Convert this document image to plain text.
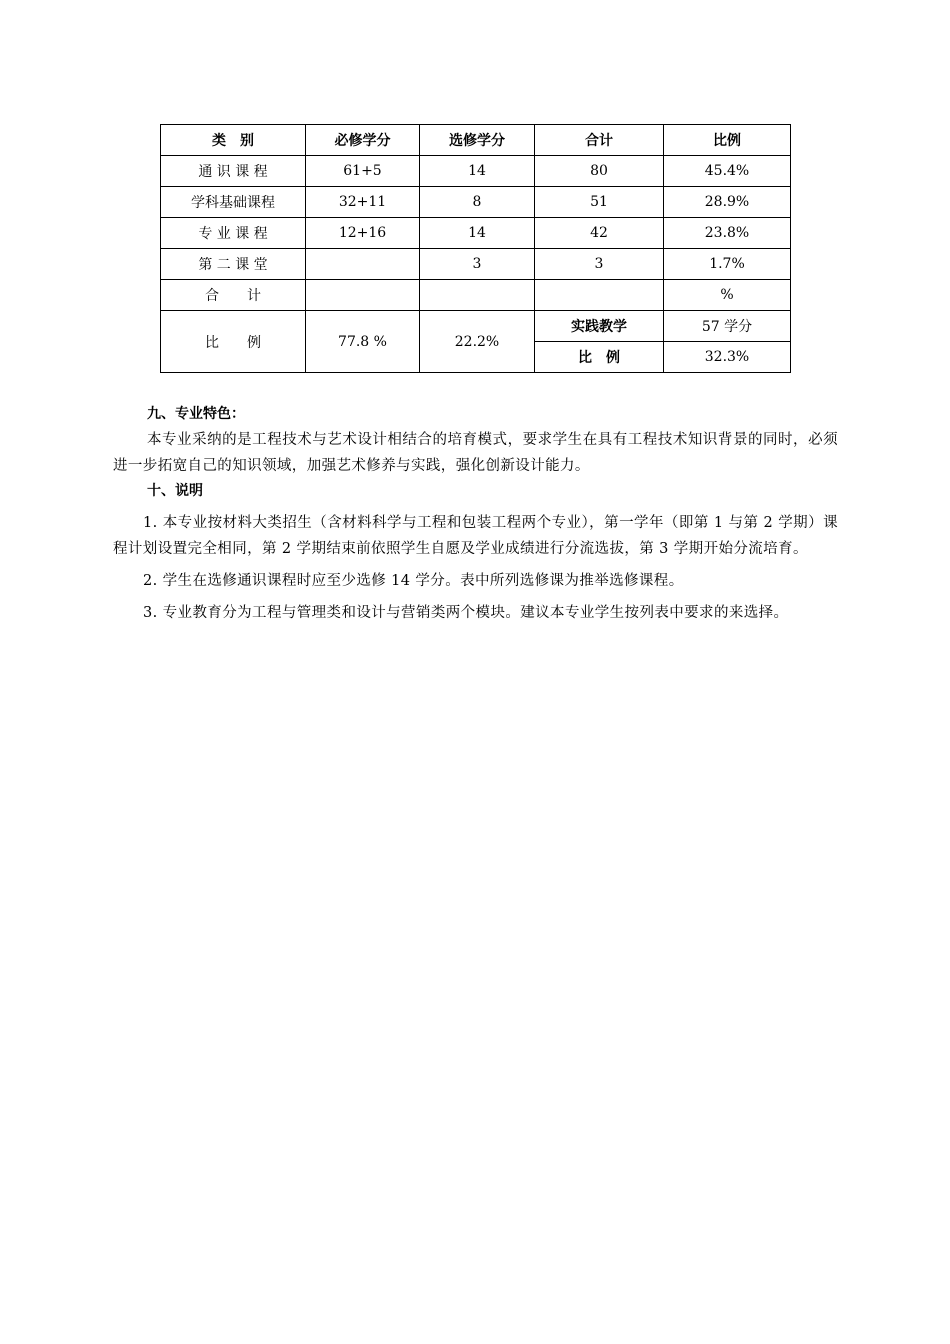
类　别	必修学分	选修学分	合计	比例
通 识 课 程	61+5	14	80	45.4%
学科基础课程	32+11	8	51	28.9%
专 业 课 程	12+16	14	42	23.8%
第 二 课 堂		3	3	1.7%
合　　计				%
比　　例	77.8 %	22.2%	实践教学	57 学分
			比　例	32.3%
九、专业特色：
本专业采纳的是工程技术与艺术设计相结合的培育模式，要求学生在具有工程技术知识背景的同时，必须进一步拓宽自己的知识领域，加强艺术修养与实践，强化创新设计能力。
十、说明
1. 本专业按材料大类招生（含材料科学与工程和包装工程两个专业），第一学年（即第 1 与第 2 学期）课程计划设置完全相同，第 2 学期结束前依照学生自愿及学业成绩进行分流选拔，第 3 学期开始分流培育。
2. 学生在选修通识课程时应至少选修 14 学分。表中所列选修课为推举选修课程。
3. 专业教育分为工程与管理类和设计与营销类两个模块。建议本专业学生按列表中要求的来选择。
